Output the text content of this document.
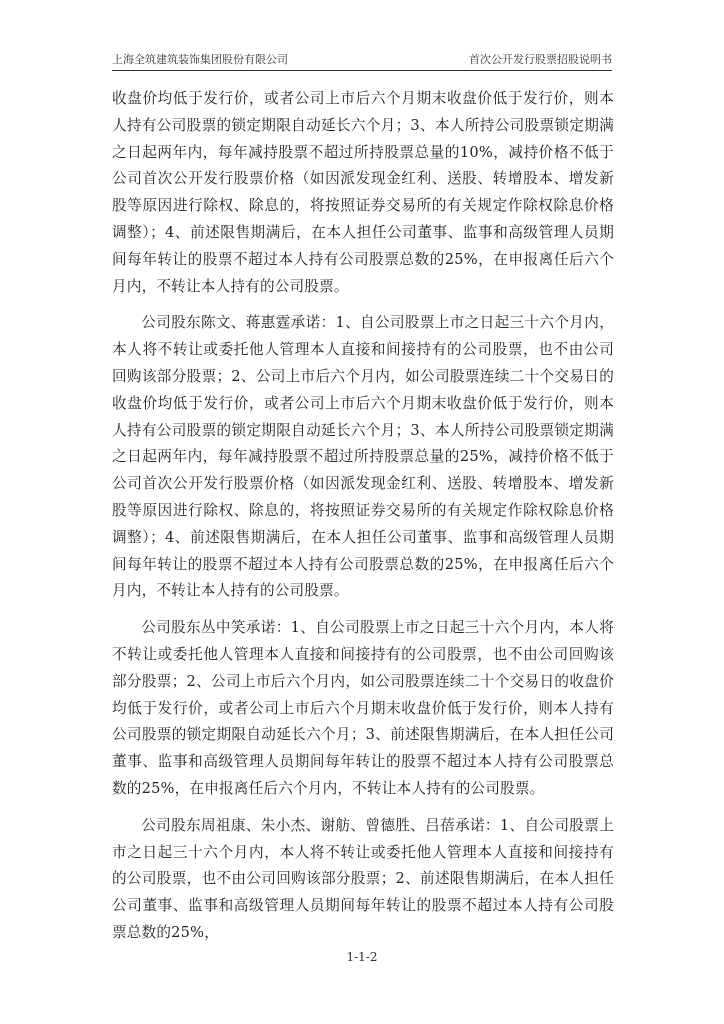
上海全筑建筑装饰集团股份有限公司	首次公开发行股票招股说明书

收盘价均低于发行价，或者公司上市后六个月期末收盘价低于发行价，则本人持有公司股票的锁定期限自动延长六个月；3、本人所持公司股票锁定期满之日起两年内，每年减持股票不超过所持股票总量的10%，减持价格不低于公司首次公开发行股票价格（如因派发现金红利、送股、转增股本、增发新股等原因进行除权、除息的，将按照证券交易所的有关规定作除权除息价格调整）；4、前述限售期满后，在本人担任公司董事、监事和高级管理人员期间每年转让的股票不超过本人持有公司股票总数的25%，在申报离任后六个月内，不转让本人持有的公司股票。

公司股东陈文、蒋惠霆承诺：1、自公司股票上市之日起三十六个月内，本人将不转让或委托他人管理本人直接和间接持有的公司股票，也不由公司回购该部分股票；2、公司上市后六个月内，如公司股票连续二十个交易日的收盘价均低于发行价，或者公司上市后六个月期末收盘价低于发行价，则本人持有公司股票的锁定期限自动延长六个月；3、本人所持公司股票锁定期满之日起两年内，每年减持股票不超过所持股票总量的25%，减持价格不低于公司首次公开发行股票价格（如因派发现金红利、送股、转增股本、增发新股等原因进行除权、除息的，将按照证券交易所的有关规定作除权除息价格调整）；4、前述限售期满后，在本人担任公司董事、监事和高级管理人员期间每年转让的股票不超过本人持有公司股票总数的25%，在申报离任后六个月内，不转让本人持有的公司股票。

公司股东丛中笑承诺：1、自公司股票上市之日起三十六个月内，本人将不转让或委托他人管理本人直接和间接持有的公司股票，也不由公司回购该部分股票；2、公司上市后六个月内，如公司股票连续二十个交易日的收盘价均低于发行价，或者公司上市后六个月期末收盘价低于发行价，则本人持有公司股票的锁定期限自动延长六个月；3、前述限售期满后，在本人担任公司董事、监事和高级管理人员期间每年转让的股票不超过本人持有公司股票总数的25%，在申报离任后六个月内，不转让本人持有的公司股票。

公司股东周祖康、朱小杰、谢舫、曾德胜、吕蓓承诺：1、自公司股票上市之日起三十六个月内，本人将不转让或委托他人管理本人直接和间接持有的公司股票，也不由公司回购该部分股票；2、前述限售期满后，在本人担任公司董事、监事和高级管理人员期间每年转让的股票不超过本人持有公司股票总数的25%，

1-1-2
